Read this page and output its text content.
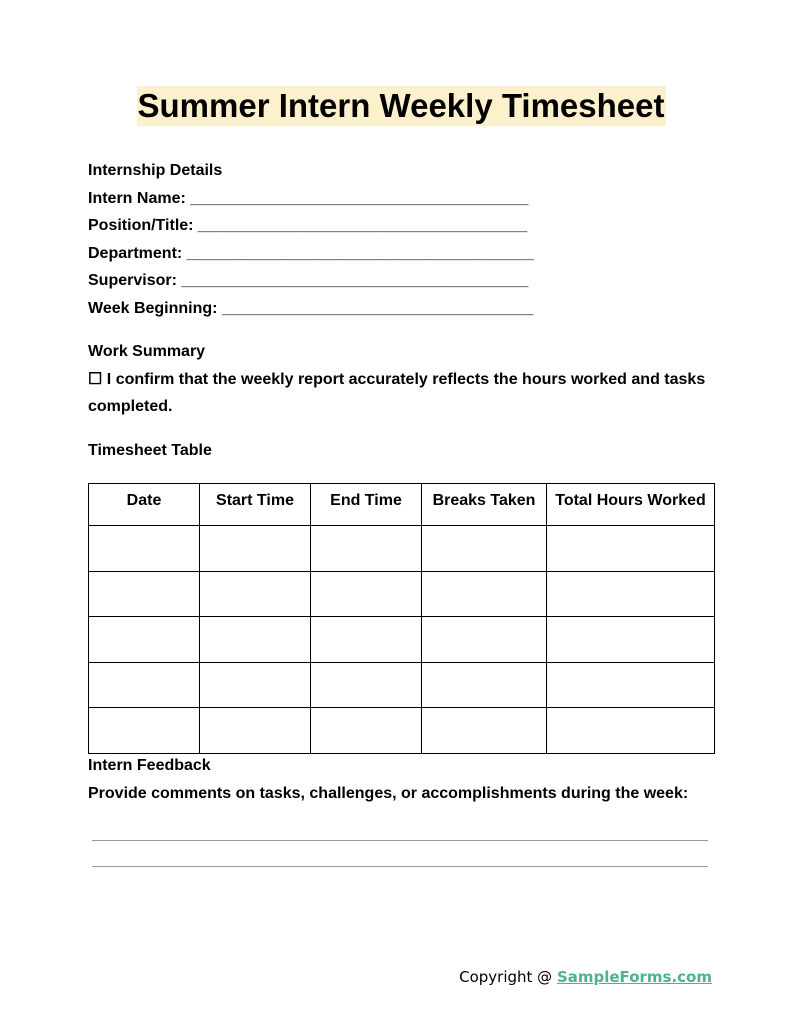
Summer Intern Weekly Timesheet
Internship Details
Intern Name: ______________________________________
Position/Title: _____________________________________
Department: _______________________________________
Supervisor: _______________________________________
Week Beginning: ___________________________________
Work Summary
☐ I confirm that the weekly report accurately reflects the hours worked and tasks completed.
Timesheet Table
Date	Start Time	End Time	Breaks Taken	Total Hours Worked

Intern Feedback
Provide comments on tasks, challenges, or accomplishments during the week:
Copyright @ SampleForms.com
